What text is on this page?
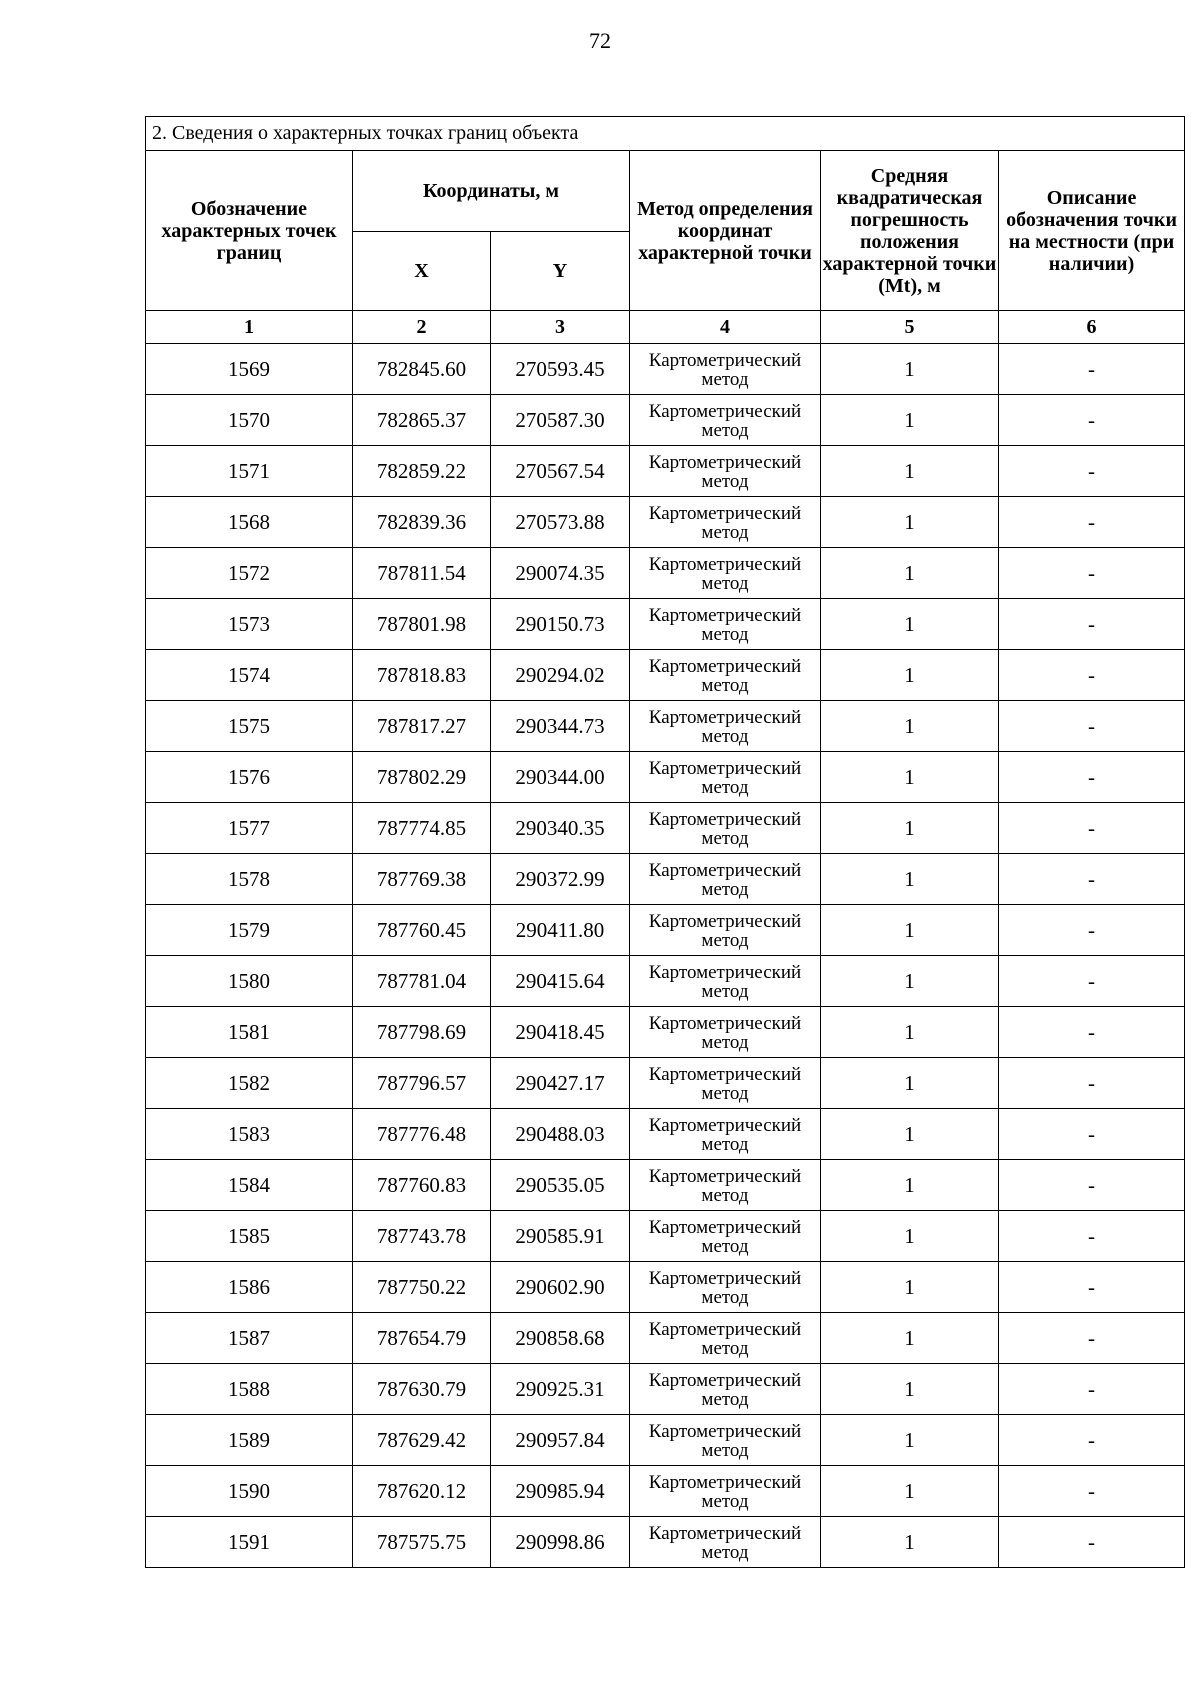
72
2. Сведения о характерных точках границ объекта					
Обозначение характерных точек границ	Координаты, м		Метод определения координат характерной точки	Средняя квадратическая погрешность положения характерной точки (Mt), м	Описание обозначения точки на местности (при наличии)
	X	Y			
1	2	3	4	5	6
1569	782845.60	270593.45	Картометрический метод	1	-
1570	782865.37	270587.30	Картометрический метод	1	-
1571	782859.22	270567.54	Картометрический метод	1	-
1568	782839.36	270573.88	Картометрический метод	1	-
1572	787811.54	290074.35	Картометрический метод	1	-
1573	787801.98	290150.73	Картометрический метод	1	-
1574	787818.83	290294.02	Картометрический метод	1	-
1575	787817.27	290344.73	Картометрический метод	1	-
1576	787802.29	290344.00	Картометрический метод	1	-
1577	787774.85	290340.35	Картометрический метод	1	-
1578	787769.38	290372.99	Картометрический метод	1	-
1579	787760.45	290411.80	Картометрический метод	1	-
1580	787781.04	290415.64	Картометрический метод	1	-
1581	787798.69	290418.45	Картометрический метод	1	-
1582	787796.57	290427.17	Картометрический метод	1	-
1583	787776.48	290488.03	Картометрический метод	1	-
1584	787760.83	290535.05	Картометрический метод	1	-
1585	787743.78	290585.91	Картометрический метод	1	-
1586	787750.22	290602.90	Картометрический метод	1	-
1587	787654.79	290858.68	Картометрический метод	1	-
1588	787630.79	290925.31	Картометрический метод	1	-
1589	787629.42	290957.84	Картометрический метод	1	-
1590	787620.12	290985.94	Картометрический метод	1	-
1591	787575.75	290998.86	Картометрический метод	1	-
